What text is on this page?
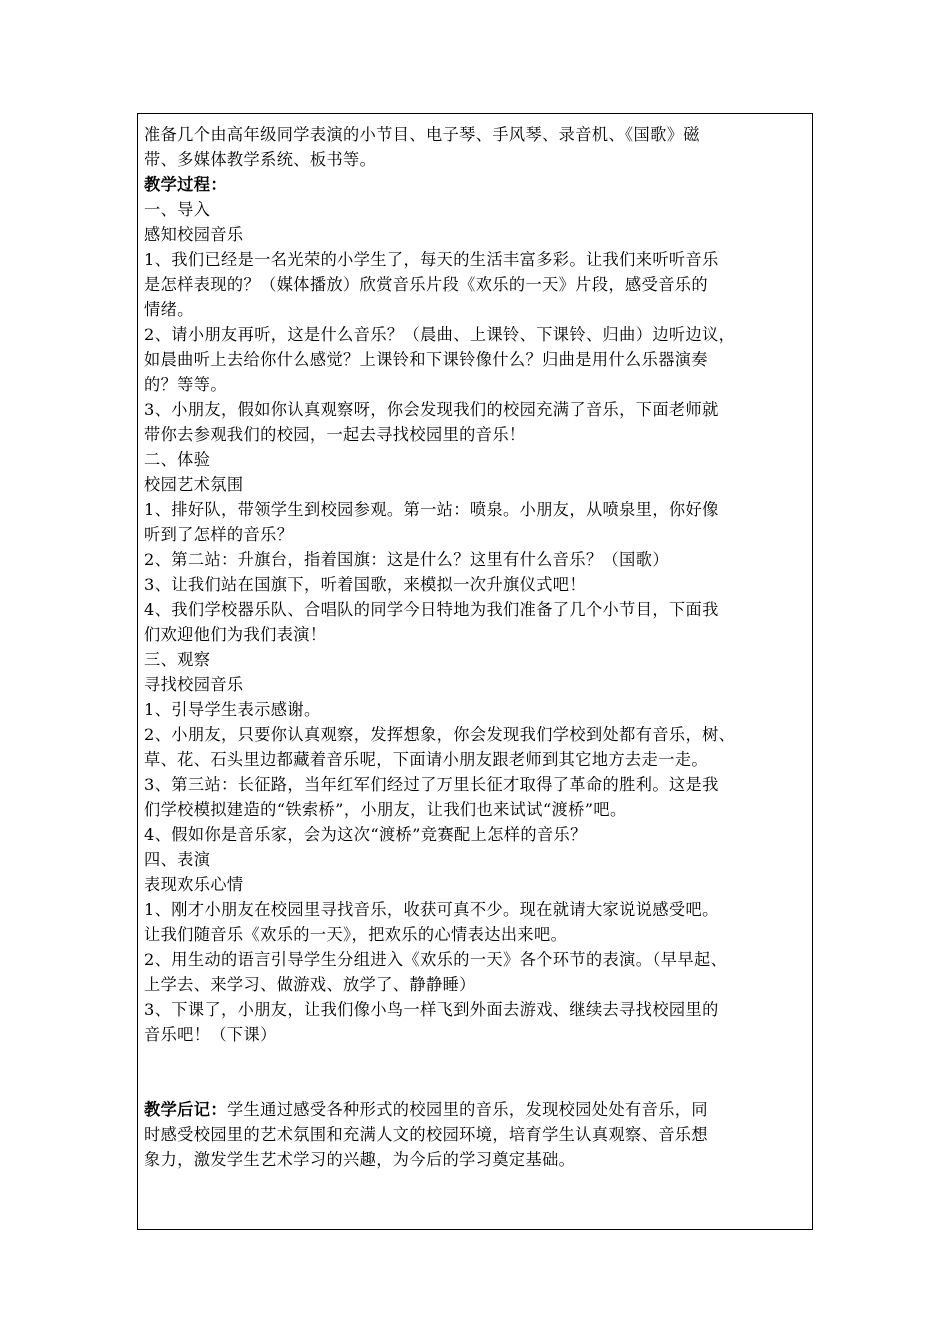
准备几个由高年级同学表演的小节目、电子琴、手风琴、录音机、《国歌》磁
带、多媒体教学系统、板书等。
教学过程：
一、导入
感知校园音乐
1、我们已经是一名光荣的小学生了，每天的生活丰富多彩。让我们来听听音乐
是怎样表现的？（媒体播放）欣赏音乐片段《欢乐的一天》片段，感受音乐的
情绪。
2、请小朋友再听，这是什么音乐？（晨曲、上课铃、下课铃、归曲）边听边议，
如晨曲听上去给你什么感觉？上课铃和下课铃像什么？归曲是用什么乐器演奏
的？等等。
3、小朋友，假如你认真观察呀，你会发现我们的校园充满了音乐，下面老师就
带你去参观我们的校园，一起去寻找校园里的音乐！
二、体验
校园艺术氛围
1、排好队，带领学生到校园参观。第一站：喷泉。小朋友，从喷泉里，你好像
听到了怎样的音乐？
2、第二站：升旗台，指着国旗：这是什么？这里有什么音乐？（国歌）
3、让我们站在国旗下，听着国歌，来模拟一次升旗仪式吧！
4、我们学校器乐队、合唱队的同学今日特地为我们准备了几个小节目，下面我
们欢迎他们为我们表演！
三、观察
寻找校园音乐
1、引导学生表示感谢。
2、小朋友，只要你认真观察，发挥想象，你会发现我们学校到处都有音乐，树、
草、花、石头里边都藏着音乐呢，下面请小朋友跟老师到其它地方去走一走。
3、第三站：长征路，当年红军们经过了万里长征才取得了革命的胜利。这是我
们学校模拟建造的“铁索桥”，小朋友，让我们也来试试“渡桥”吧。
4、假如你是音乐家，会为这次“渡桥”竞赛配上怎样的音乐？
四、表演
表现欢乐心情
1、刚才小朋友在校园里寻找音乐，收获可真不少。现在就请大家说说感受吧。
让我们随音乐《欢乐的一天》，把欢乐的心情表达出来吧。
2、用生动的语言引导学生分组进入《欢乐的一天》各个环节的表演。（早早起、
上学去、来学习、做游戏、放学了、静静睡）
3、下课了，小朋友，让我们像小鸟一样飞到外面去游戏、继续去寻找校园里的
音乐吧！（下课）
教学后记：学生通过感受各种形式的校园里的音乐，发现校园处处有音乐，同
时感受校园里的艺术氛围和充满人文的校园环境，培育学生认真观察、音乐想
象力，激发学生艺术学习的兴趣，为今后的学习奠定基础。
